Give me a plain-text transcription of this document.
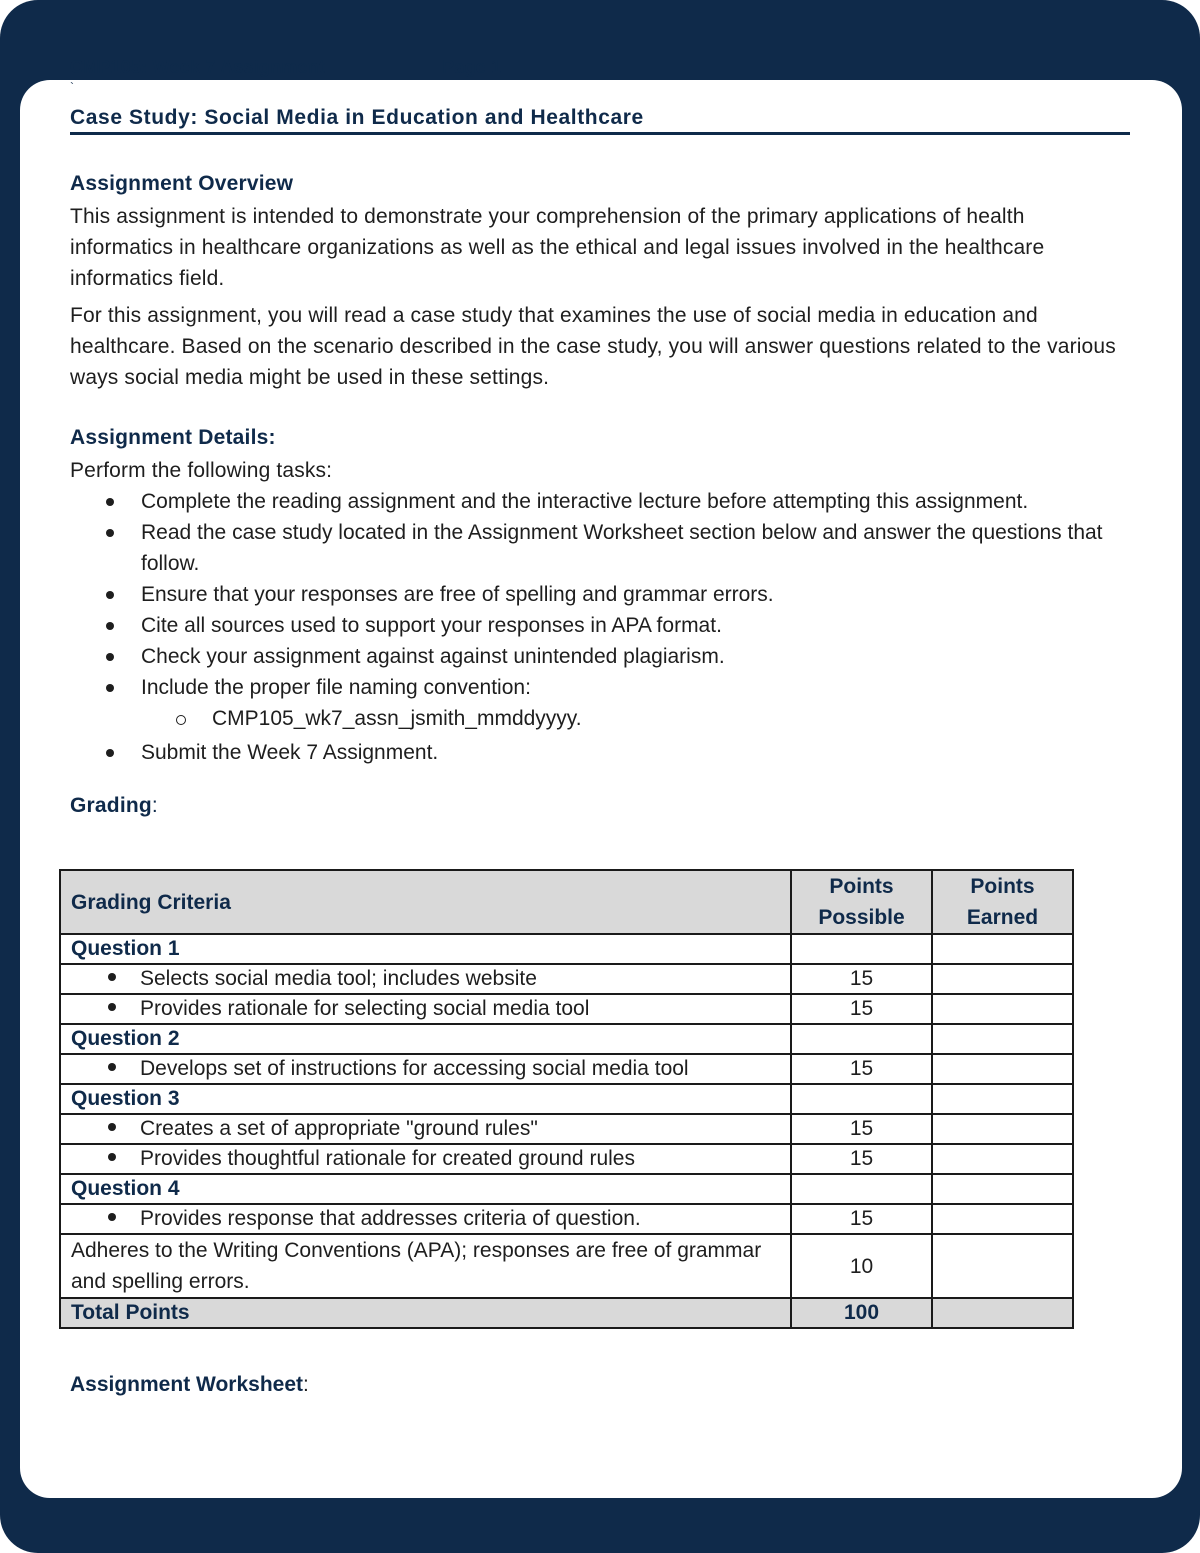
CMP105: Week 7 Assignment	Page 1
`
Case Study: Social Media in Education and Healthcare
Assignment Overview
This assignment is intended to demonstrate your comprehension of the primary applications of health informatics in healthcare organizations as well as the ethical and legal issues involved in the healthcare informatics field.
For this assignment, you will read a case study that examines the use of social media in education and healthcare. Based on the scenario described in the case study, you will answer questions related to the various ways social media might be used in these settings.
Assignment Details:
Perform the following tasks:
Complete the reading assignment and the interactive lecture before attempting this assignment.
Read the case study located in the Assignment Worksheet section below and answer the questions that follow.
Ensure that your responses are free of spelling and grammar errors.
Cite all sources used to support your responses in APA format.
Check your assignment against against unintended plagiarism.
Include the proper file naming convention:
CMP105_wk7_assn_jsmith_mmddyyyy.
Submit the Week 7 Assignment.
Grading:
Grading Criteria	Points Possible	Points Earned
Question 1		
Selects social media tool; includes website	15	
Provides rationale for selecting social media tool	15	
Question 2		
Develops set of instructions for accessing social media tool	15	
Question 3		
Creates a set of appropriate "ground rules"	15	
Provides thoughtful rationale for created ground rules	15	
Question 4		
Provides response that addresses criteria of question.	15	
Adheres to the Writing Conventions (APA); responses are free of grammar and spelling errors.	10	
Total Points	100	
Assignment Worksheet:
